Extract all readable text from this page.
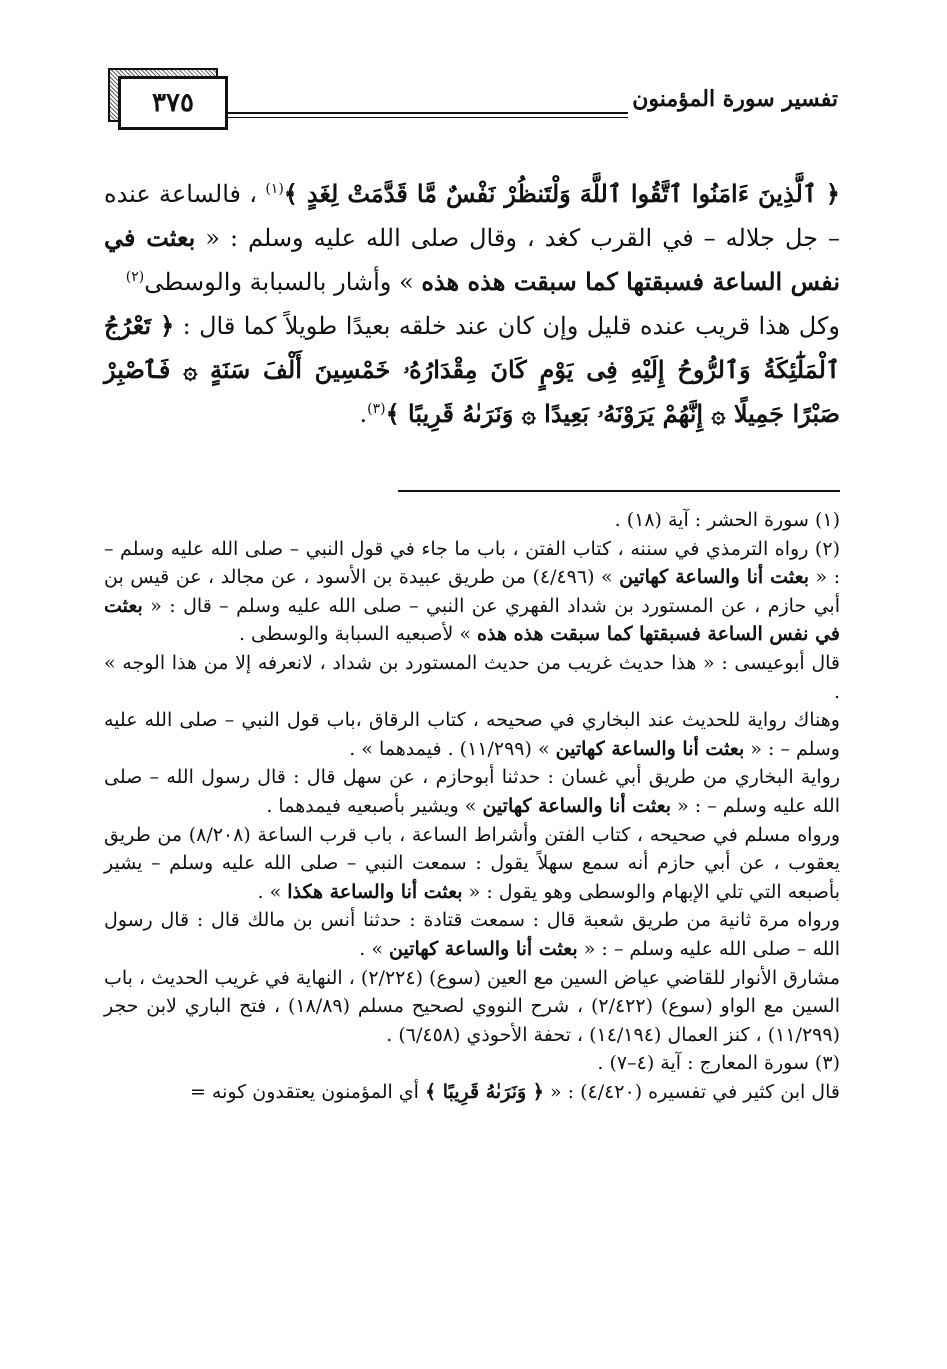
٣٧٥	تفسير سورة المؤمنون

﴿ ٱلَّذِينَ ءَامَنُوا ٱتَّقُوا ٱللَّهَ وَلْتَنظُرْ نَفْسٌ مَّا قَدَّمَتْ لِغَدٍ ﴾$^{(١)}$ ، فالساعة عنده – جل جلاله – في القرب كغد ، وقال صلى الله عليه وسلم : « بعثت في نفس الساعة فسبقتها كما سبقت هذه هذه » وأشار بالسبابة والوسطى$^{(٢)}$

وكل هذا قريب عنده قليل وإن كان عند خلقه بعيدًا طويلاً كما قال : ﴿ تَعْرُجُ ٱلْمَلَٰٓئِكَةُ وَٱلرُّوحُ إِلَيْهِ فِى يَوْمٍ كَانَ مِقْدَارُهُۥ خَمْسِينَ أَلْفَ سَنَةٍ ۞ فَٱصْبِرْ صَبْرًا جَمِيلًا ۞ إِنَّهُمْ يَرَوْنَهُۥ بَعِيدًا ۞ وَنَرَىٰهُ قَرِيبًا ﴾$^{(٣)}$.

(١) سورة الحشر : آية (١٨) .

(٢) رواه الترمذي في سننه ، كتاب الفتن ، باب ما جاء في قول النبي – صلى الله عليه وسلم – : « بعثت أنا والساعة كهاتين » (٤/٤٩٦) من طريق عبيدة بن الأسود ، عن مجالد ، عن قيس بن أبي حازم ، عن المستورد بن شداد الفهري عن النبي – صلى الله عليه وسلم – قال : « بعثت في نفس الساعة فسبقتها كما سبقت هذه هذه » لأصبعيه السبابة والوسطى .

قال أبوعيسى : « هذا حديث غريب من حديث المستورد بن شداد ، لانعرفه إلا من هذا الوجه » .

وهناك رواية للحديث عند البخاري في صحيحه ، كتاب الرقاق ،باب قول النبي – صلى الله عليه وسلم – : « بعثت أنا والساعة كهاتين » (١١/٢٩٩) . فيمدهما » .

رواية البخاري من طريق أبي غسان : حدثنا أبوحازم ، عن سهل قال : قال رسول الله – صلى الله عليه وسلم – : « بعثت أنا والساعة كهاتين » ويشير بأصبعيه فيمدهما .

ورواه مسلم في صحيحه ، كتاب الفتن وأشراط الساعة ، باب قرب الساعة (٨/٢٠٨) من طريق يعقوب ، عن أبي حازم أنه سمع سهلاً يقول : سمعت النبي – صلى الله عليه وسلم – يشير بأصبعه التي تلي الإبهام والوسطى وهو يقول : « بعثت أنا والساعة هكذا » .

ورواه مرة ثانية من طريق شعبة قال : سمعت قتادة : حدثنا أنس بن مالك قال : قال رسول الله – صلى الله عليه وسلم – : « بعثت أنا والساعة كهاتين » .

مشارق الأنوار للقاضي عياض السين مع العين (سوع) (٢/٢٢٤) ، النهاية في غريب الحديث ، باب السين مع الواو (سوع) (٢/٤٢٢) ، شرح النووي لصحيح مسلم (١٨/٨٩) ، فتح الباري لابن حجر (١١/٢٩٩) ، كنز العمال (١٤/١٩٤) ، تحفة الأحوذي (٦/٤٥٨) .

(٣) سورة المعارج : آية (٤–٧) .

قال ابن كثير في تفسيره (٤/٤٢٠) : « ﴿ وَنَرَىٰهُ قَرِيبًا ﴾ أي المؤمنون يعتقدون كونه =
